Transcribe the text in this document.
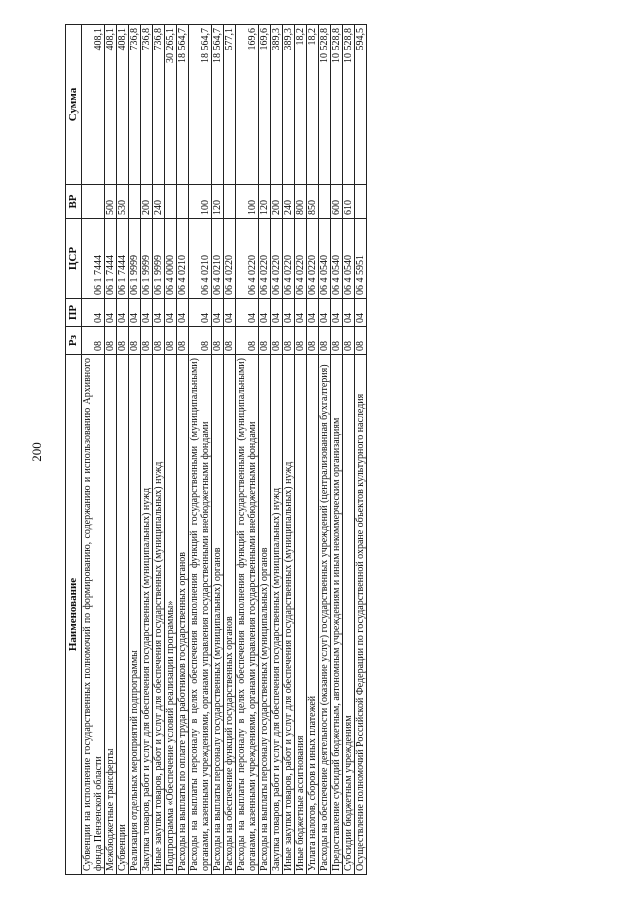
200
Наименование	Рз	ПР	ЦСР	ВР	Сумма
Субвенции на исполнение государственных полномочий по формированию, содержанию и использованию Архивного фонда Пензенской области	08	04	06 1 7444		408,1
Межбюджетные трансферты	08	04	06 1 7444	500	408,1
Субвенции	08	04	06 1 7444	530	408,1
Реализация отдельных мероприятий подпрограммы	08	04	06 1 9999		736,8
Закупка товаров, работ и услуг для обеспечения государственных (муниципальных) нужд	08	04	06 1 9999	200	736,8
Иные закупки товаров, работ и услуг для обеспечения государственных (муниципальных) нужд	08	04	06 1 9999	240	736,8
Подпрограмма «Обеспечение условий реализации программы»	08	04	06 4 0000		30 265,1
Расходы на выплаты по оплате труда работников государственных органов	08	04	06 4 0210		18 564,7
Расходы на выплаты персоналу в целях обеспечения выполнения функций государственными (муниципальными) органами, казенными учреждениями, органами управления государственными внебюджетными фондами	08	04	06 4 0210	100	18 564,7
Расходы на выплаты персоналу государственных (муниципальных) органов	08	04	06 4 0210	120	18 564,7
Расходы на обеспечение функций государственных органов	08	04	06 4 0220		577,1
Расходы на выплаты персоналу в целях обеспечения выполнения функций государственными (муниципальными) органами, казенными учреждениями, органами управления государственными внебюджетными фондами	08	04	06 4 0220	100	169,6
Расходы на выплаты персоналу государственных (муниципальных) органов	08	04	06 4 0220	120	169,6
Закупка товаров, работ и услуг для обеспечения государственных (муниципальных) нужд	08	04	06 4 0220	200	389,3
Иные закупки товаров, работ и услуг для обеспечения государственных (муниципальных) нужд	08	04	06 4 0220	240	389,3
Иные бюджетные ассигнования	08	04	06 4 0220	800	18,2
Уплата налогов, сборов и иных платежей	08	04	06 4 0220	850	18,2
Расходы на обеспечение деятельности (оказание услуг) государственных учреждений (централизованная бухгалтерия)	08	04	06 4 0540		10 528,8
Предоставление субсидий бюджетным, автономным учреждениям и иным некоммерческим организациям	08	04	06 4 0540	600	10 528,8
Субсидии бюджетным учреждениям	08	04	06 4 0540	610	10 528,8
Осуществление полномочий Российской Федерации по государственной охране объектов культурного наследия	08	04	06 4 5951		594,5
